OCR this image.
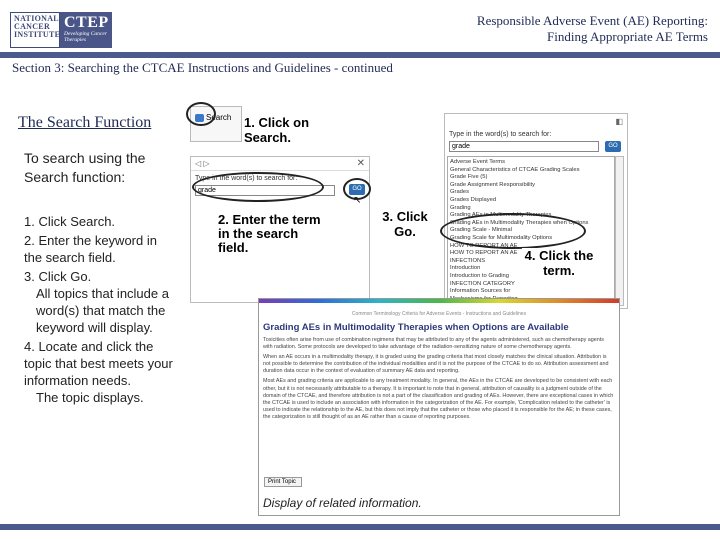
NATIONAL CANCER INSTITUTE
CTEP
Developing Cancer Therapies
Responsible Adverse Event (AE) Reporting:
Finding Appropriate AE Terms
Section 3: Searching the CTCAE Instructions and Guidelines - continued
The Search Function
To search using the Search function:
1. Click Search.
2. Enter the keyword in the search field.
3. Click Go.
All topics that include a word(s) that match the keyword will display.
4. Locate and click the topic that best meets your information needs.
The topic displays.
Search 1. Click on Search.
◁ ▷	✕
Type in the word(s) to search for:
grade	GO
↖
2. Enter the term in the search field.
3. Click Go.
◧
Type in the word(s) to search for:
grade	GO
Adverse Event Terms
General Characteristics of CTCAE Grading Scales
Grade Five (5)
Grade Assignment Responsibility
Grades
Grades Displayed
Grading
Grading AEs in Multimodality Therapies
Grading AEs in Multimodality Therapies when Options
Grading Scale - Minimal
Grading Scale for Multimodality Options
HOW TO REPORT AN AE
HOW TO REPORT AN AE
INFECTIONS
Introduction
Introduction to Grading
INFECTION CATEGORY
Information Sources for
4. Click the term.
Common Terminology Criteria for Adverse Events - Instructions and Guidelines
Grading AEs in Multimodality Therapies when Options are Available
Toxicities often arise from use of combination regimens that may be attributed to any of the agents administered, such as chemotherapy agents with radiation. Some protocols are developed to take advantage of the radiation-sensitizing nature of some chemotherapy agents.
When an AE occurs in a multimodality therapy, it is graded using the grading criteria that most closely matches the clinical situation. Attribution is not possible to determine the contribution of the individual modalities and it is not the purpose of the CTCAE to do so. Attribution assessment and duration data occur in the context of evaluation of summary AE data and reporting.
Most AEs and grading criteria are applicable to any treatment modality. In general, the AEs in the CTCAE are developed to be consistent with each other, but it is not necessarily attributable to a therapy. It is important to note that in general, attribution of causality is a judgment outside of the domain of the CTCAE, and therefore attribution is not a part of the classification and grading of AEs. However, there are exceptional cases in which the CTCAE is used to include an association with information in the categorization of the AE. For example, 'Complication related to the catheter' is used to indicate the relationship to the AE, but this does not imply that the catheter or those who placed it is responsible for the AE; in these cases, the categorization is still thought of as an AE rather than a cause of reporting purposes.
Print Topic
Display of related information.
